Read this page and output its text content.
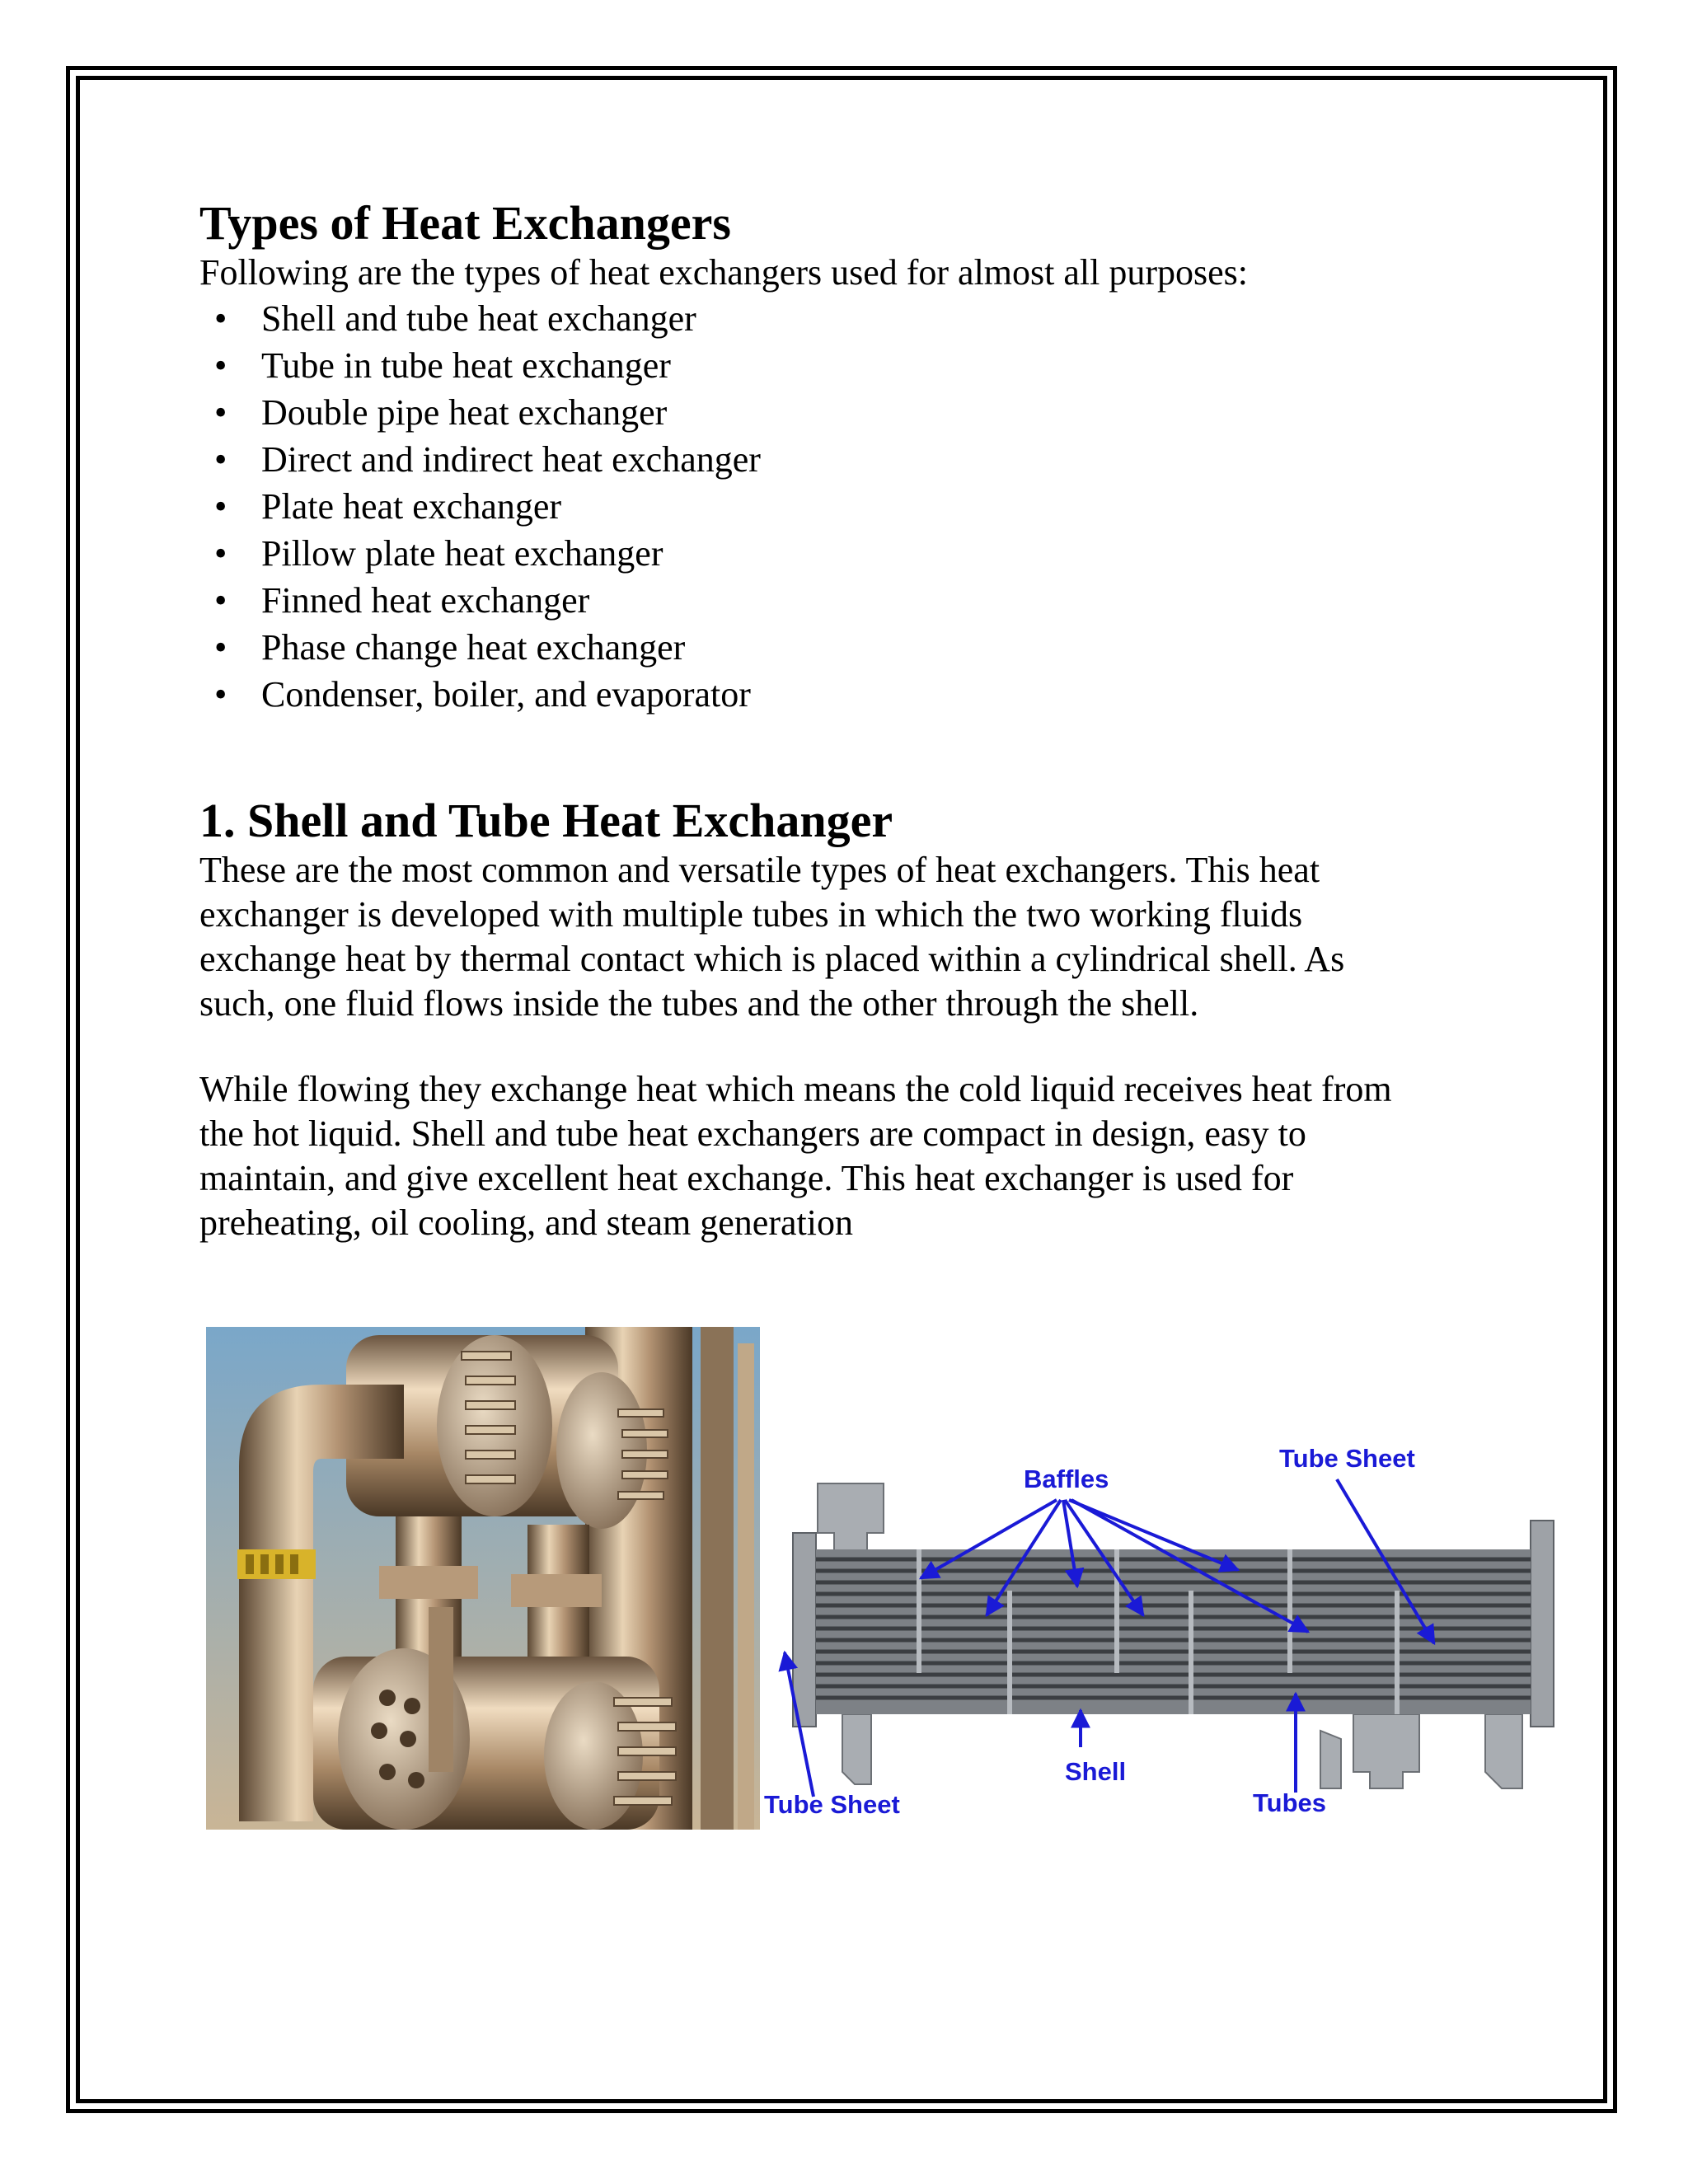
Types of Heat Exchangers

Following are the types of heat exchangers used for almost all purposes:

• Shell and tube heat exchanger
• Tube in tube heat exchanger
• Double pipe heat exchanger
• Direct and indirect heat exchanger
• Plate heat exchanger
• Pillow plate heat exchanger
• Finned heat exchanger
• Phase change heat exchanger
• Condenser, boiler, and evaporator
1. Shell and Tube Heat Exchanger

These are the most common and versatile types of heat exchangers. This heat
exchanger is developed with multiple tubes in which the two working fluids
exchange heat by thermal contact which is placed within a cylindrical shell. As
such, one fluid flows inside the tubes and the other through the shell.

While flowing they exchange heat which means the cold liquid receives heat from
the hot liquid. Shell and tube heat exchangers are compact in design, easy to
maintain, and give excellent heat exchange. This heat exchanger is used for
preheating, oil cooling, and steam generation

Baffles
Tube Sheet
Tube Sheet
Shell
Tubes
